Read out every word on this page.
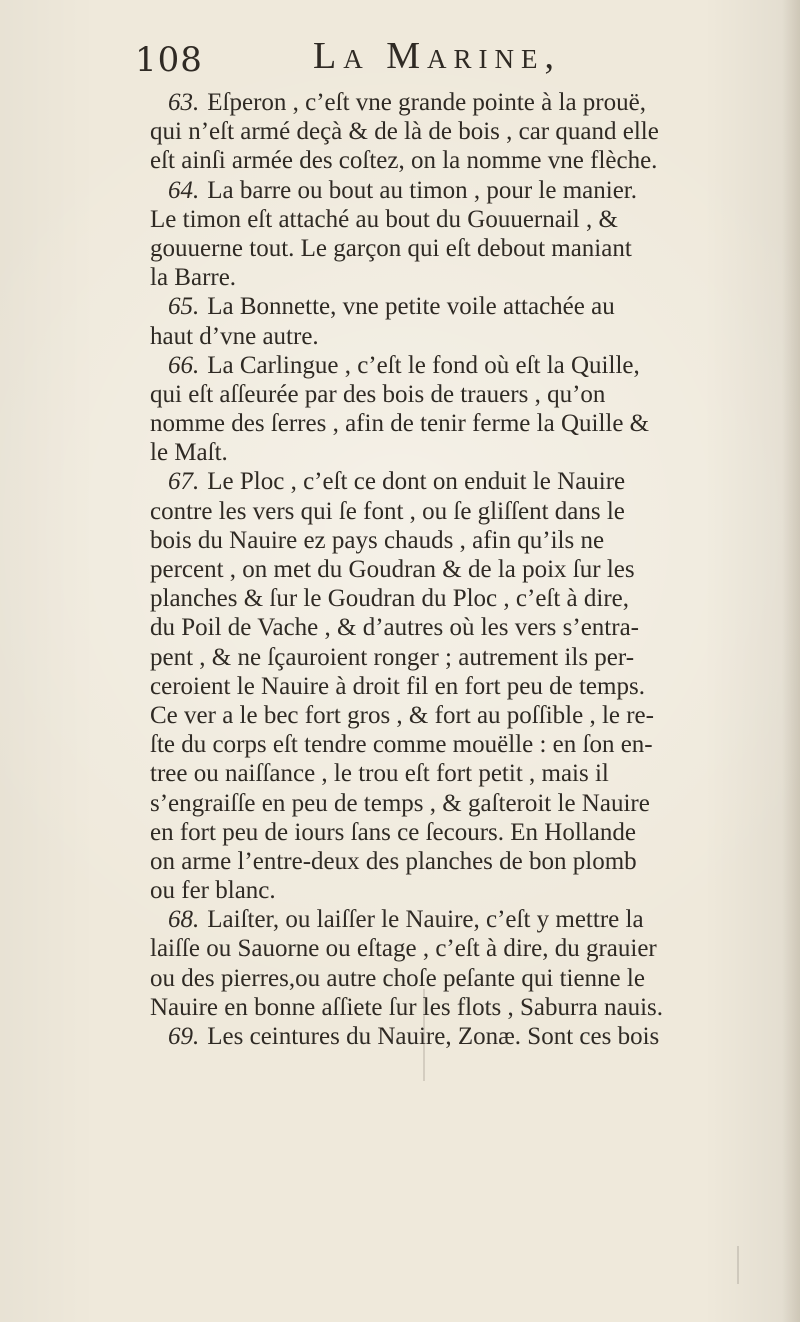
108	La Marine,
63. Eſperon , c’eſt vne grande pointe à la prouë,
qui n’eſt armé deçà & de là de bois , car quand elle
eſt ainſi armée des coſtez, on la nomme vne flèche.
64. La barre ou bout au timon , pour le manier.
Le timon eſt attaché au bout du Gouuernail , &
gouuerne tout. Le garçon qui eſt debout maniant
la Barre.
65. La Bonnette, vne petite voile attachée au
haut d’vne autre.
66. La Carlingue , c’eſt le fond où eſt la Quille,
qui eſt aſſeurée par des bois de trauers , qu’on
nomme des ſerres , afin de tenir ferme la Quille &
le Maſt.
67. Le Ploc , c’eſt ce dont on enduit le Nauire
contre les vers qui ſe font , ou ſe gliſſent dans le
bois du Nauire ez pays chauds , afin qu’ils ne
percent , on met du Goudran & de la poix ſur les
planches & ſur le Goudran du Ploc , c’eſt à dire,
du Poil de Vache , & d’autres où les vers s’entra-
pent , & ne ſçauroient ronger ; autrement ils per-
ceroient le Nauire à droit fil en fort peu de temps.
Ce ver a le bec fort gros , & fort au poſſible , le re-
ſte du corps eſt tendre comme mouëlle : en ſon en-
tree ou naiſſance , le trou eſt fort petit , mais il
s’engraiſſe en peu de temps , & gaſteroit le Nauire
en fort peu de iours ſans ce ſecours. En Hollande
on arme l’entre-deux des planches de bon plomb
ou fer blanc.
68. Laiſter, ou laiſſer le Nauire, c’eſt y mettre la
laiſſe ou Sauorne ou eſtage , c’eſt à dire, du grauier
ou des pierres,ou autre choſe peſante qui tienne le
Nauire en bonne aſſiete ſur les flots , Saburra nauis.
69. Les ceintures du Nauire, Zonæ. Sont ces bois
